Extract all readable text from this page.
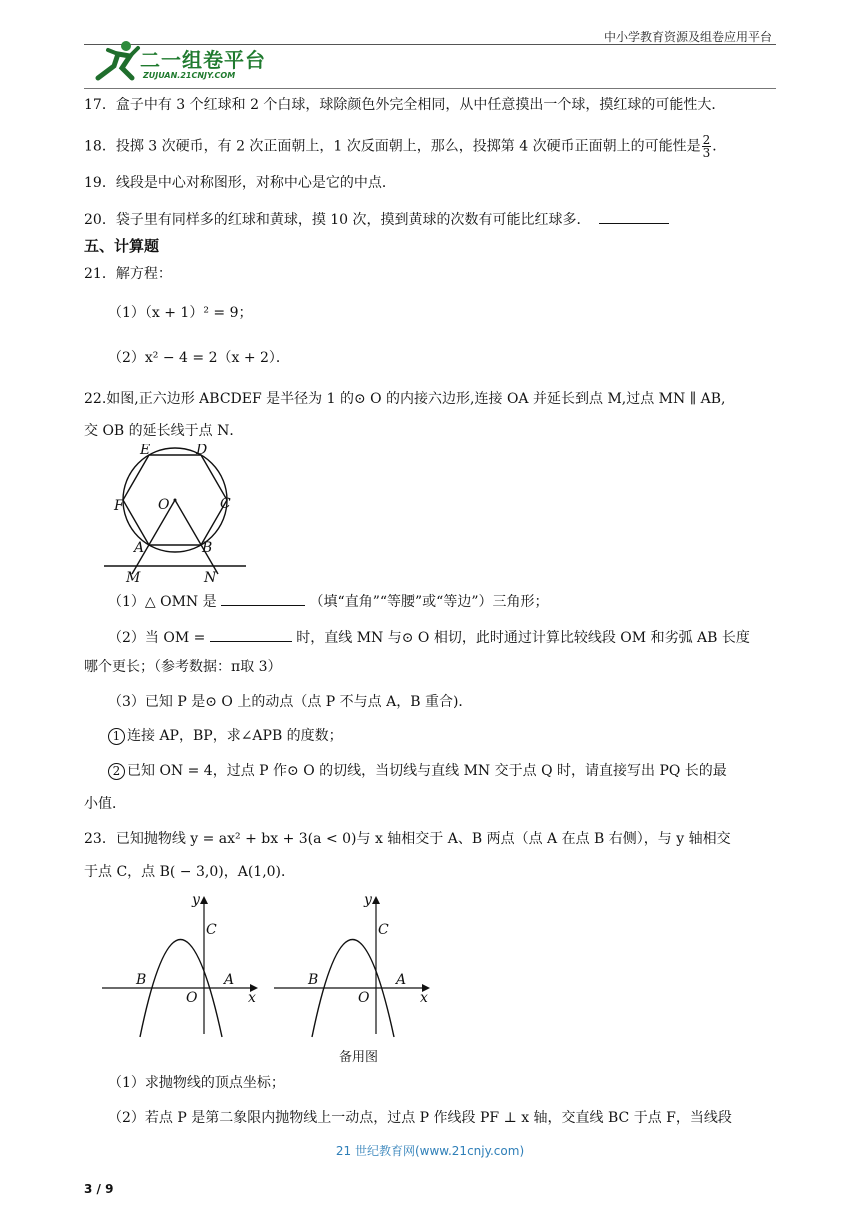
中小学教育资源及组卷应用平台
二一组卷平台
ZUJUAN.21CNJY.COM
17．盒子中有 3 个红球和 2 个白球，球除颜色外完全相同，从中任意摸出一个球，摸红球的可能性大．
18．投掷 3 次硬币，有 2 次正面朝上，1 次反面朝上，那么，投掷第 4 次硬币正面朝上的可能性是 $\frac{2}{3}$ ．
19．线段是中心对称图形，对称中心是它的中点．
20．袋子里有同样多的红球和黄球，摸 10 次，摸到黄球的次数有可能比红球多．
五、计算题
21．解方程：
（1）（x + 1）² = 9；
（2）x² − 4 = 2（x + 2）．
22.如图,正六边形 ABCDEF 是半径为 1 的⊙ O 的内接六边形,连接 OA 并延长到点 M,过点 MN ∥ AB,
交 OB 的延长线于点 N．
E	D
F O	C
A	B
M	N
（1）△ OMN 是	（填“直角”“等腰”或“等边”）三角形；
（2）当 OM =	时，直线 MN 与⊙ O 相切，此时通过计算比较线段 OM 和劣弧 AB 长度
哪个更长；（参考数据：π取 3）
（3）已知 P 是⊙ O 上的动点（点 P 不与点 A，B 重合)．
1 连接 AP，BP，求∠APB 的度数；
2 已知 ON = 4，过点 P 作⊙ O 的切线，当切线与直线 MN 交于点 Q 时，请直接写出 PQ 长的最
小值．
23．已知抛物线 y = ax² + bx + 3(a < 0)与 x 轴相交于 A、B 两点（点 A 在点 B 右侧），与 y 轴相交
于点 C，点 B( − 3,0)，A(1,0)．
y
C
B	A
O	x
y
C
B	A
O	x
备用图
（1）求抛物线的顶点坐标；
（2）若点 P 是第二象限内抛物线上一动点，过点 P 作线段 PF ⊥ x 轴，交直线 BC 于点 F，当线段
21 世纪教育网(www.21cnjy.com)
3 / 9
